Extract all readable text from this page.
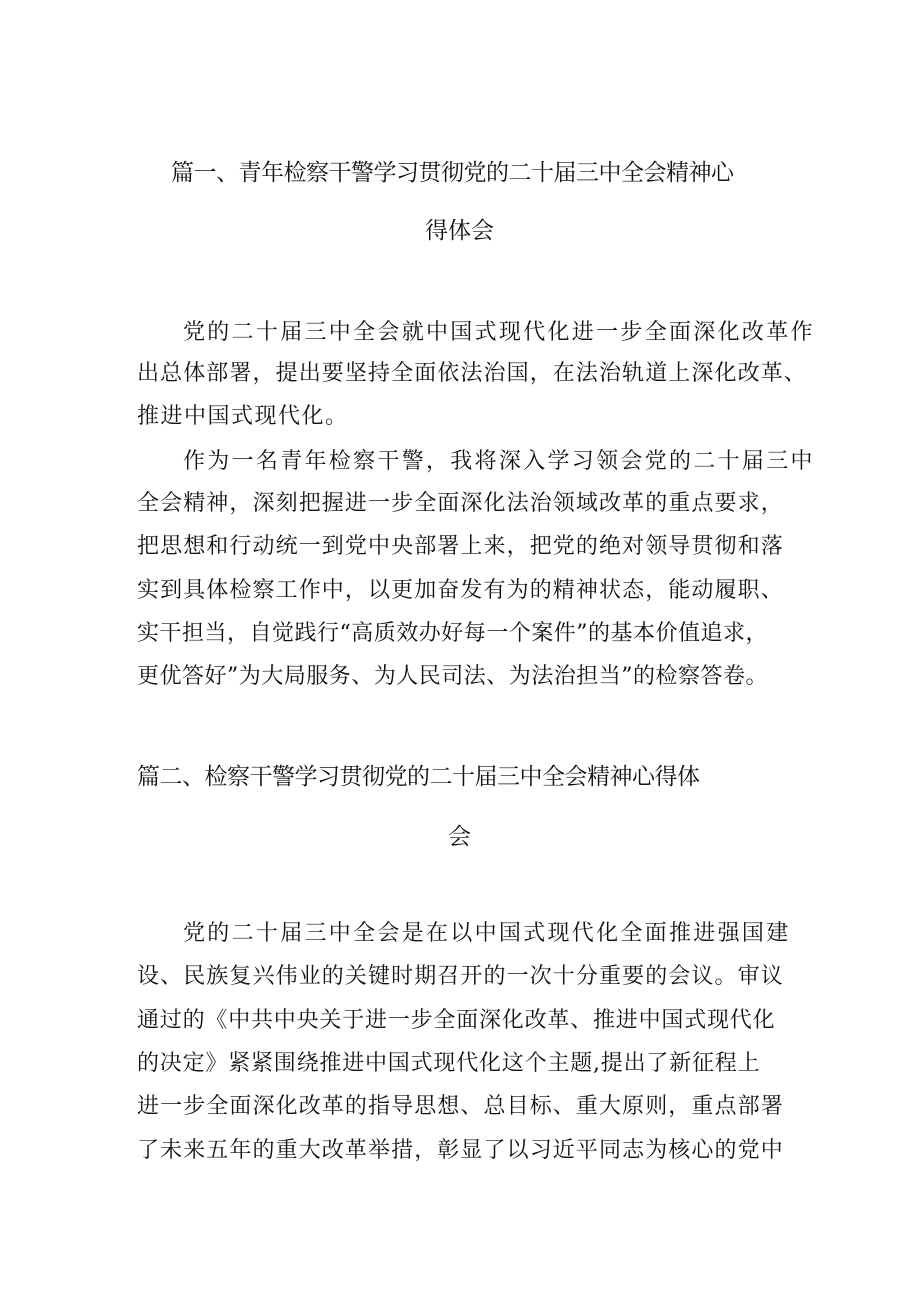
篇一、青年检察干警学习贯彻党的二十届三中全会精神心
得体会
党的二十届三中全会就中国式现代化进一步全面深化改革作
出总体部署，提出要坚持全面依法治国，在法治轨道上深化改革、
推进中国式现代化。
作为一名青年检察干警，我将深入学习领会党的二十届三中
全会精神，深刻把握进一步全面深化法治领域改革的重点要求，
把思想和行动统一到党中央部署上来，把党的绝对领导贯彻和落
实到具体检察工作中，以更加奋发有为的精神状态，能动履职、
实干担当，自觉践行“高质效办好每一个案件”的基本价值追求，
更优答好”为大局服务、为人民司法、为法治担当”的检察答卷。
篇二、检察干警学习贯彻党的二十届三中全会精神心得体
会
党的二十届三中全会是在以中国式现代化全面推进强国建
设、民族复兴伟业的关键时期召开的一次十分重要的会议。审议
通过的《中共中央关于进一步全面深化改革、推进中国式现代化
的决定》紧紧围绕推进中国式现代化这个主题,提出了新征程上
进一步全面深化改革的指导思想、总目标、重大原则，重点部署
了未来五年的重大改革举措，彰显了以习近平同志为核心的党中
